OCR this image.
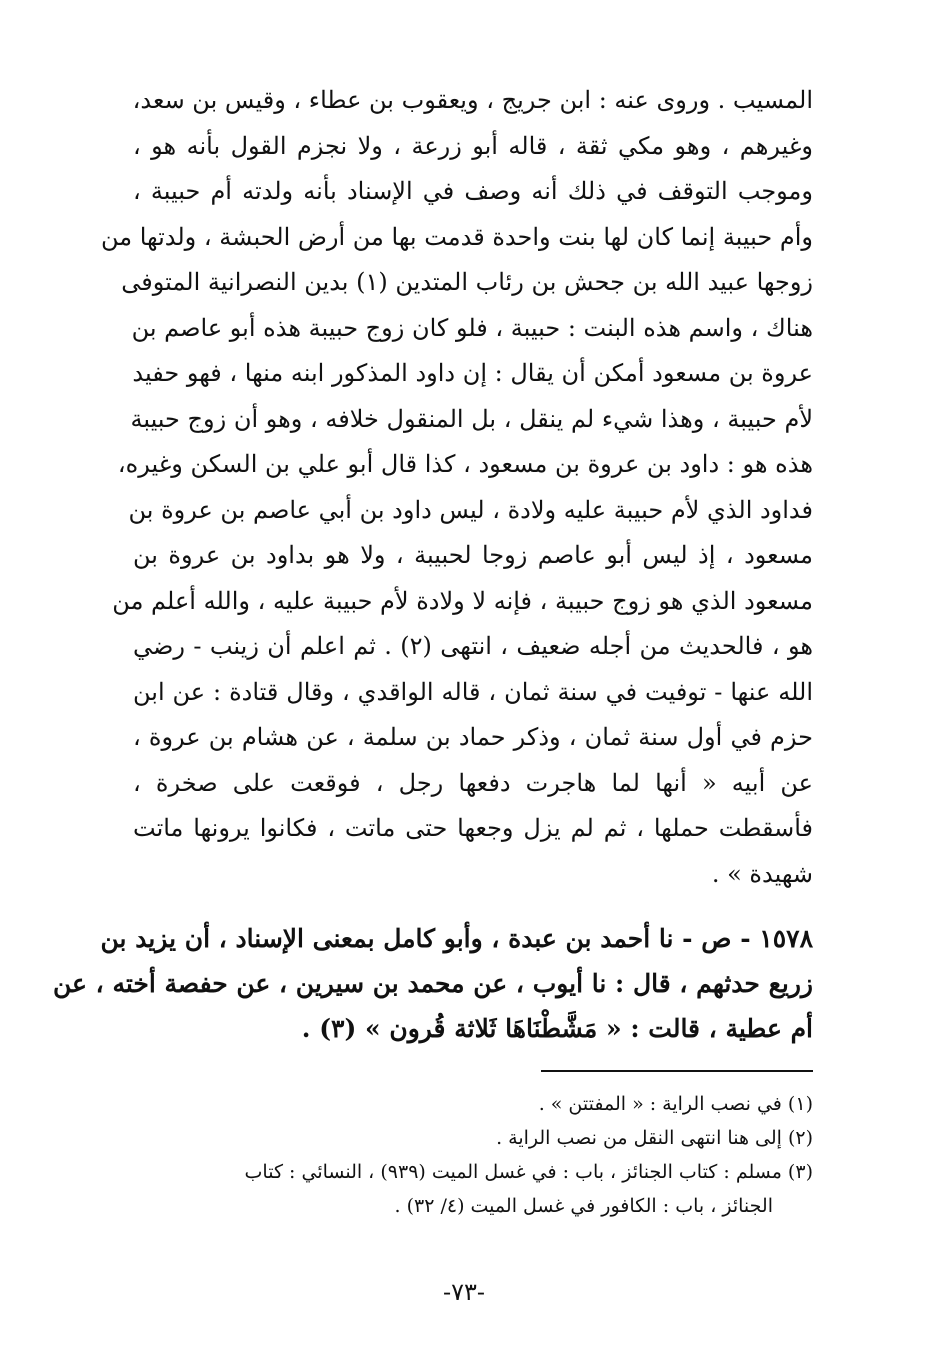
المسيب . وروى عنه : ابن جريج ، ويعقوب بن عطاء ، وقيس بن سعد،
وغيرهم ، وهو مكي ثقة ، قاله أبو زرعة ، ولا نجزم القول بأنه هو ،
وموجب التوقف في ذلك أنه وصف في الإسناد بأنه ولدته أم حبيبة ،
وأم حبيبة إنما كان لها بنت واحدة قدمت بها من أرض الحبشة ، ولدتها من
زوجها عبيد الله بن جحش بن رئاب المتدين (١) بدين النصرانية المتوفى
هناك ، واسم هذه البنت : حبيبة ، فلو كان زوج حبيبة هذه أبو عاصم بن
عروة بن مسعود أمكن أن يقال : إن داود المذكور ابنه منها ، فهو حفيد
لأم حبيبة ، وهذا شيء لم ينقل ، بل المنقول خلافه ، وهو أن زوج حبيبة
هذه هو : داود بن عروة بن مسعود ، كذا قال أبو علي بن السكن وغيره،
فداود الذي لأم حبيبة عليه ولادة ، ليس داود بن أبي عاصم بن عروة بن
مسعود ، إذ ليس أبو عاصم زوجا لحبيبة ، ولا هو بداود بن عروة بن
مسعود الذي هو زوج حبيبة ، فإنه لا ولادة لأم حبيبة عليه ، والله أعلم من
هو ، فالحديث من أجله ضعيف ، انتهى (٢) . ثم اعلم أن زينب - رضي
الله عنها - توفيت في سنة ثمان ، قاله الواقدي ، وقال قتادة : عن ابن
حزم في أول سنة ثمان ، وذكر حماد بن سلمة ، عن هشام بن عروة ،
عن أبيه « أنها لما هاجرت دفعها رجل ، فوقعت على صخرة ،
فأسقطت حملها ، ثم لم يزل وجعها حتى ماتت ، فكانوا يرونها ماتت
شهيدة » .
١٥٧٨ - ص - نا أحمد بن عبدة ، وأبو كامل بمعنى الإسناد ، أن يزيد بن
زريع حدثهم ، قال : نا أيوب ، عن محمد بن سيرين ، عن حفصة أخته ، عن
أم عطية ، قالت : « مَشَّطْنَاهَا ثَلاثة قُرون » (٣) .
(١) في نصب الراية : « المفتتن » .
(٢) إلى هنا انتهى النقل من نصب الراية .
(٣) مسلم : كتاب الجنائز ، باب : في غسل الميت (٩٣٩) ، النسائي : كتاب
الجنائز ، باب : الكافور في غسل الميت (٤/ ٣٢) .
-٧٣-
